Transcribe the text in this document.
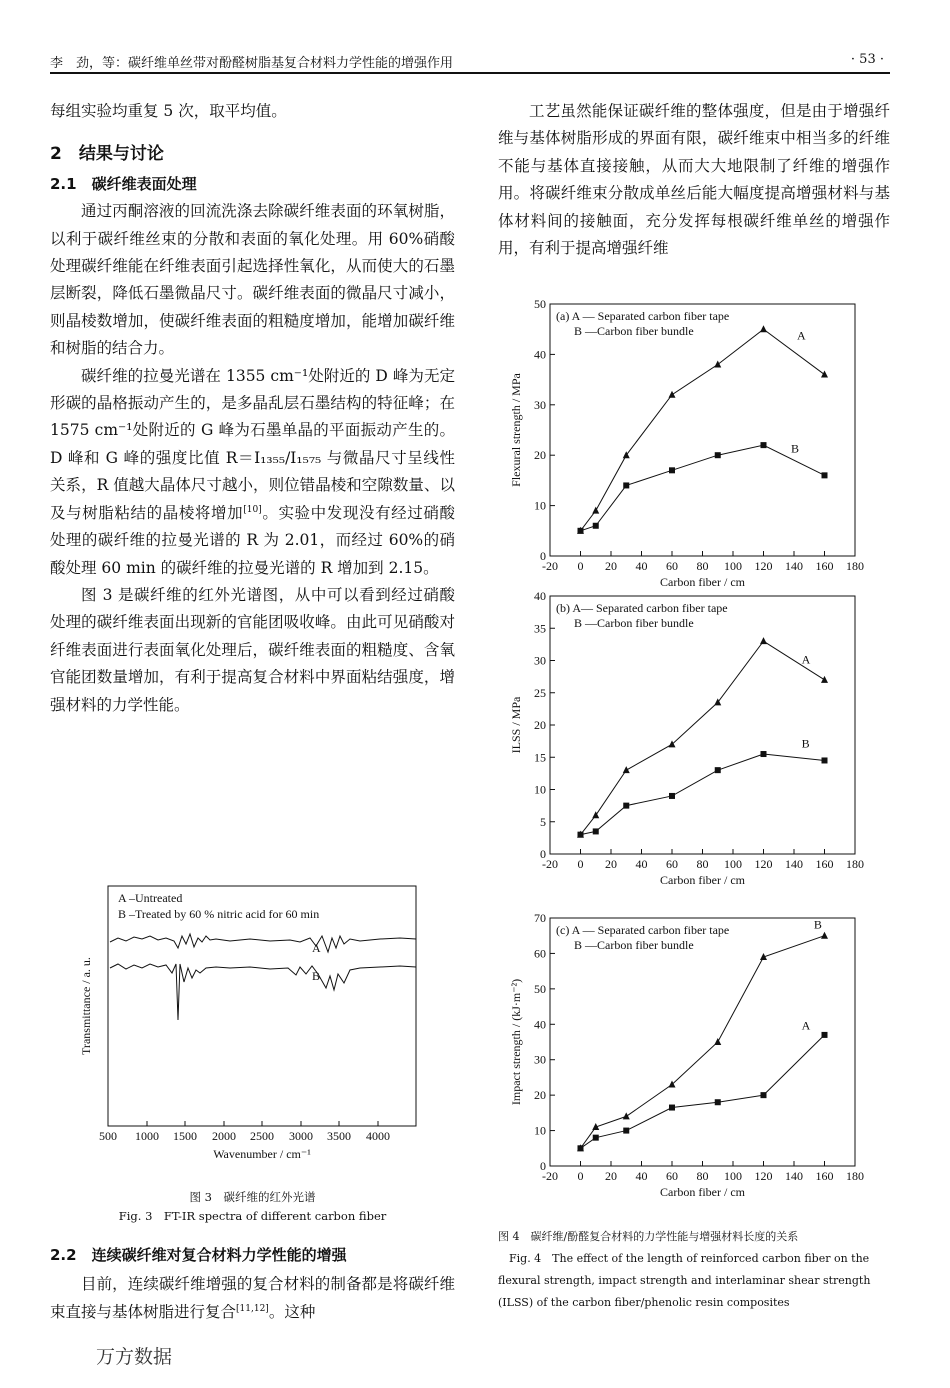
李　劲，等：碳纤维单丝带对酚醛树脂基复合材料力学性能的增强作用	· 53 ·

每组实验均重复 5 次，取平均值。

2　结果与讨论

2.1　碳纤维表面处理

通过丙酮溶液的回流洗涤去除碳纤维表面的环氧树脂，以利于碳纤维丝束的分散和表面的氧化处理。用 60%硝酸处理碳纤维能在纤维表面引起选择性氧化，从而使大的石墨层断裂，降低石墨微晶尺寸。碳纤维表面的微晶尺寸减小，则晶棱数增加，使碳纤维表面的粗糙度增加，能增加碳纤维和树脂的结合力。

碳纤维的拉曼光谱在 1355 cm⁻¹处附近的 D 峰为无定形碳的晶格振动产生的，是多晶乱层石墨结构的特征峰；在 1575 cm⁻¹处附近的 G 峰为石墨单晶的平面振动产生的。D 峰和 G 峰的强度比值 R＝I₁₃₅₅/I₁₅₇₅ 与微晶尺寸呈线性关系，R 值越大晶体尺寸越小，则位错晶棱和空隙数量、以及与树脂粘结的晶棱将增加[10]。实验中发现没有经过硝酸处理的碳纤维的拉曼光谱的 R 为 2.01，而经过 60%的硝酸处理 60 min 的碳纤维的拉曼光谱的 R 增加到 2.15。

图 3 是碳纤维的红外光谱图，从中可以看到经过硝酸处理的碳纤维表面出现新的官能团吸收峰。由此可见硝酸对纤维表面进行表面氧化处理后，碳纤维表面的粗糙度、含氧官能团数量增加，有利于提高复合材料中界面粘结强度，增强材料的力学性能。

A –Untreated
B –Treated by 60 % nitric acid for 60 min
A
B
500 1000 1500 2000 2500 3000 3500 4000
Wavenumber / cm⁻¹
Transmittance / a. u.
图 3　碳纤维的红外光谱
Fig. 3　FT-IR spectra of different carbon fiber

2.2　连续碳纤维对复合材料力学性能的增强

目前，连续碳纤维增强的复合材料的制备都是将碳纤维束直接与基体树脂进行复合[11,12]。这种

工艺虽然能保证碳纤维的整体强度，但是由于增强纤维与基体树脂形成的界面有限，碳纤维束中相当多的纤维不能与基体直接接触，从而大大地限制了纤维的增强作用。将碳纤维束分散成单丝后能大幅度提高增强材料与基体材料间的接触面，充分发挥每根碳纤维单丝的增强作用，有利于提高增强纤维

-20 0 20 40 60 80 100 120 140 160 180
0
10
20
30
40
50
Carbon fiber / cm
Flexural strength / MPa
(a) A — Separated carbon fiber tape
B —Carbon fiber bundle	A
B
-20 0 20 40 60 80 100 120 140 160 180
0
5
10
15
20
25
30
35
40
Carbon fiber / cm
ILSS / MPa
(b) A— Separated carbon fiber tape
B —Carbon fiber bundle
A
B
-20 0 20 40 60 80 100 120 140 160 180
0
10
20
30
40
50
60
70
Carbon fiber / cm
Impact strength / (kJ·m⁻²)
(c) A — Separated carbon fiber tape
B —Carbon fiber bundle
B
A

图 4　碳纤维/酚醛复合材料的力学性能与增强材料长度的关系

Fig. 4　The effect of the length of reinforced carbon fiber on the flexural strength, impact strength and interlaminar shear strength (ILSS) of the carbon fiber/phenolic resin composites

万方数据
